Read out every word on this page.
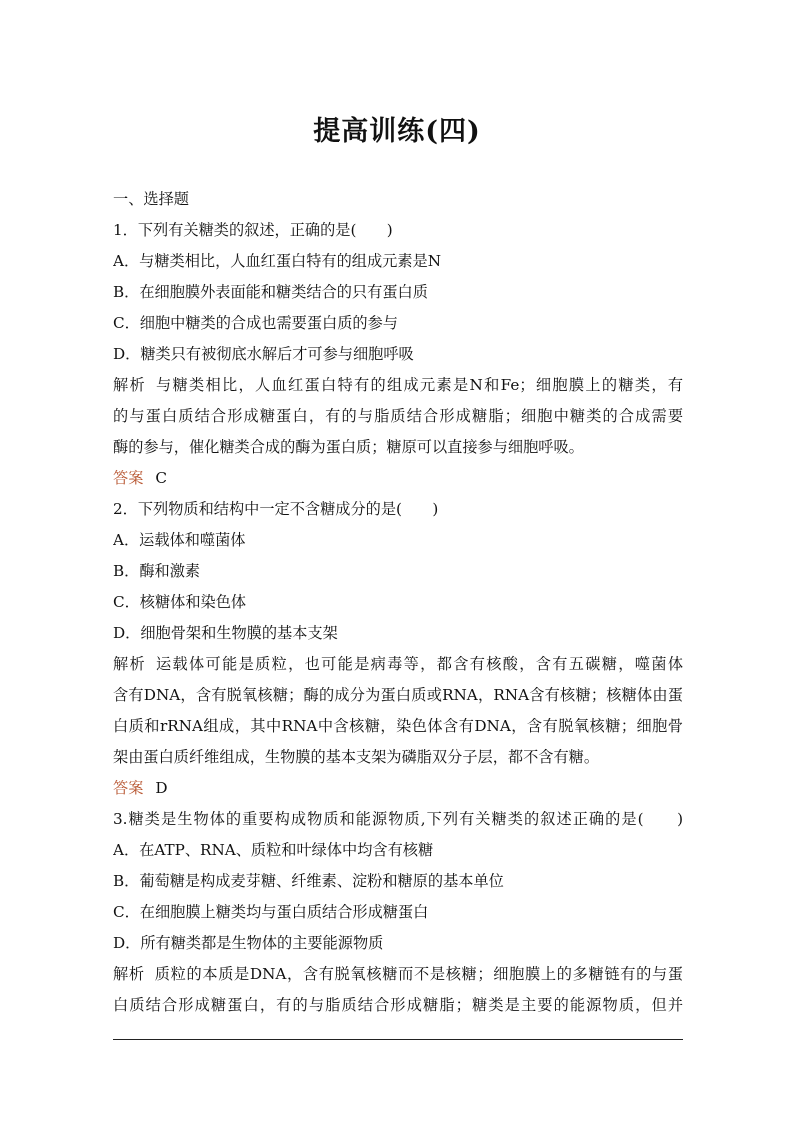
提高训练(四)
一、选择题
1．下列有关糖类的叙述，正确的是(　　)
A．与糖类相比，人血红蛋白特有的组成元素是N
B．在细胞膜外表面能和糖类结合的只有蛋白质
C．细胞中糖类的合成也需要蛋白质的参与
D．糖类只有被彻底水解后才可参与细胞呼吸
解析 与糖类相比，人血红蛋白特有的组成元素是N和Fe；细胞膜上的糖类，有
的与蛋白质结合形成糖蛋白，有的与脂质结合形成糖脂；细胞中糖类的合成需要
酶的参与，催化糖类合成的酶为蛋白质；糖原可以直接参与细胞呼吸。
答案 C
2．下列物质和结构中一定不含糖成分的是(　　)
A．运载体和噬菌体
B．酶和激素
C．核糖体和染色体
D．细胞骨架和生物膜的基本支架
解析 运载体可能是质粒，也可能是病毒等，都含有核酸，含有五碳糖，噬菌体
含有DNA，含有脱氧核糖；酶的成分为蛋白质或RNA，RNA含有核糖；核糖体由蛋
白质和rRNA组成，其中RNA中含核糖，染色体含有DNA，含有脱氧核糖；细胞骨
架由蛋白质纤维组成，生物膜的基本支架为磷脂双分子层，都不含有糖。
答案 D
3.糖类是生物体的重要构成物质和能源物质,下列有关糖类的叙述正确的是(　　)
A．在ATP、RNA、质粒和叶绿体中均含有核糖
B．葡萄糖是构成麦芽糖、纤维素、淀粉和糖原的基本单位
C．在细胞膜上糖类均与蛋白质结合形成糖蛋白
D．所有糖类都是生物体的主要能源物质
解析 质粒的本质是DNA，含有脱氧核糖而不是核糖；细胞膜上的多糖链有的与蛋
白质结合形成糖蛋白，有的与脂质结合形成糖脂；糖类是主要的能源物质，但并
